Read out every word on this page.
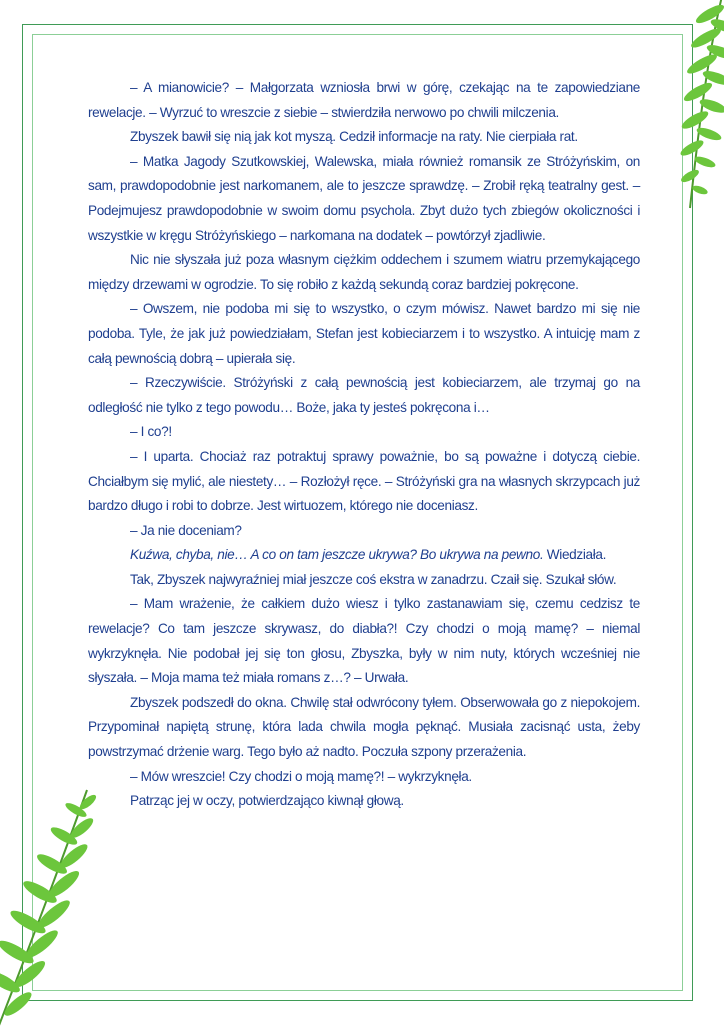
– A mianowicie? – Małgorzata wzniosła brwi w górę, czekając na te zapowiedziane rewelacje. – Wyrzuć to wreszcie z siebie – stwierdziła nerwowo po chwili milczenia.

Zbyszek bawił się nią jak kot myszą. Cedził informacje na raty. Nie cierpiała rat.

– Matka Jagody Szutkowskiej, Walewska, miała również romansik ze Stróżyńskim, on sam, prawdopodobnie jest narkomanem, ale to jeszcze sprawdzę. – Zrobił ręką teatralny gest. – Podejmujesz prawdopodobnie w swoim domu psychola. Zbyt dużo tych zbiegów okoliczności i wszystkie w kręgu Stróżyńskiego – narkomana na dodatek – powtórzył zjadliwie.

Nic nie słyszała już poza własnym ciężkim oddechem i szumem wiatru przemykającego między drzewami w ogrodzie. To się robiło z każdą sekundą coraz bardziej pokręcone.

– Owszem, nie podoba mi się to wszystko, o czym mówisz. Nawet bardzo mi się nie podoba. Tyle, że jak już powiedziałam, Stefan jest kobieciarzem i to wszystko. A intuicję mam z całą pewnością dobrą – upierała się.

– Rzeczywiście. Stróżyński z całą pewnością jest kobieciarzem, ale trzymaj go na odległość nie tylko z tego powodu… Boże, jaka ty jesteś pokręcona i…

– I co?!

– I uparta. Chociaż raz potraktuj sprawy poważnie, bo są poważne i dotyczą ciebie. Chciałbym się mylić, ale niestety… – Rozłożył ręce. – Stróżyński gra na własnych skrzypcach już bardzo długo i robi to dobrze. Jest wirtuozem, którego nie doceniasz.

– Ja nie doceniam?

Kuźwa, chyba, nie… A co on tam jeszcze ukrywa? Bo ukrywa na pewno. Wiedziała.

Tak, Zbyszek najwyraźniej miał jeszcze coś ekstra w zanadrzu. Czaił się. Szukał słów.

– Mam wrażenie, że całkiem dużo wiesz i tylko zastanawiam się, czemu cedzisz te rewelacje? Co tam jeszcze skrywasz, do diabła?! Czy chodzi o moją mamę? – niemal wykrzyknęła. Nie podobał jej się ton głosu, Zbyszka, były w nim nuty, których wcześniej nie słyszała. – Moja mama też miała romans z…? – Urwała.

Zbyszek podszedł do okna. Chwilę stał odwrócony tyłem. Obserwowała go z niepokojem. Przypominał napiętą strunę, która lada chwila mogła pęknąć. Musiała zacisnąć usta, żeby powstrzymać drżenie warg. Tego było aż nadto. Poczuła szpony przerażenia.

– Mów wreszcie! Czy chodzi o moją mamę?! – wykrzyknęła.

Patrząc jej w oczy, potwierdzająco kiwnął głową.
